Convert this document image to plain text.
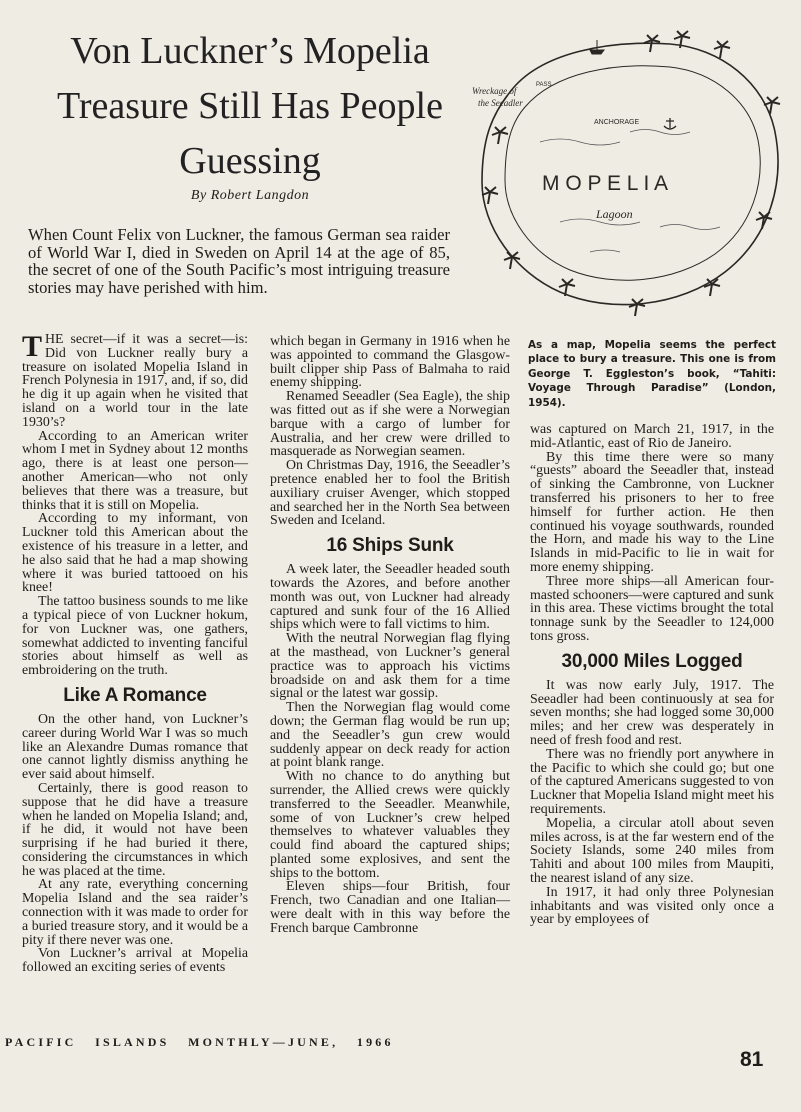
Von Luckner’s Mopelia Treasure Still Has People Guessing
By Robert Langdon

When Count Felix von Luckner, the famous German sea raider of World War I, died in Sweden on April 14 at the age of 85, the secret of one of the South Pacific’s most intriguing treasure stories may have perished with him.

ANCHORAGE
M O P E L I A
Lagoon
PASS
Wreckage of
the Seeadler

As a map, Mopelia seems the perfect place to bury a treasure. This one is from George T. Eggleston’s book, “Tahiti: Voyage Through Paradise” (London, 1954).

THE secret—if it was a secret—is: Did von Luckner really bury a treasure on isolated Mopelia Island in French Polynesia in 1917, and, if so, did he dig it up again when he visited that island on a world tour in the late 1930’s?

According to an American writer whom I met in Sydney about 12 months ago, there is at least one person—another American—who not only believes that there was a treasure, but thinks that it is still on Mopelia.

According to my informant, von Luckner told this American about the existence of his treasure in a letter, and he also said that he had a map showing where it was buried tattooed on his knee!

The tattoo business sounds to me like a typical piece of von Luckner hokum, for von Luckner was, one gathers, somewhat addicted to inventing fanciful stories about himself as well as embroidering on the truth.

Like A Romance

On the other hand, von Luckner’s career during World War I was so much like an Alexandre Dumas romance that one cannot lightly dismiss anything he ever said about himself.

Certainly, there is good reason to suppose that he did have a treasure when he landed on Mopelia Island; and, if he did, it would not have been surprising if he had buried it there, considering the circumstances in which he was placed at the time.

At any rate, everything concerning Mopelia Island and the sea raider’s connection with it was made to order for a buried treasure story, and it would be a pity if there never was one.

Von Luckner’s arrival at Mopelia followed an exciting series of events

which began in Germany in 1916 when he was appointed to command the Glasgow-built clipper ship Pass of Balmaha to raid enemy shipping.

Renamed Seeadler (Sea Eagle), the ship was fitted out as if she were a Norwegian barque with a cargo of lumber for Australia, and her crew were drilled to masquerade as Norwegian seamen.

On Christmas Day, 1916, the Seeadler’s pretence enabled her to fool the British auxiliary cruiser Avenger, which stopped and searched her in the North Sea between Sweden and Iceland.

16 Ships Sunk

A week later, the Seeadler headed south towards the Azores, and before another month was out, von Luckner had already captured and sunk four of the 16 Allied ships which were to fall victims to him.

With the neutral Norwegian flag flying at the masthead, von Luckner’s general practice was to approach his victims broadside on and ask them for a time signal or the latest war gossip.

Then the Norwegian flag would come down; the German flag would be run up; and the Seeadler’s gun crew would suddenly appear on deck ready for action at point blank range.

With no chance to do anything but surrender, the Allied crews were quickly transferred to the Seeadler. Meanwhile, some of von Luckner’s crew helped themselves to whatever valuables they could find aboard the captured ships; planted some explosives, and sent the ships to the bottom.

Eleven ships—four British, four French, two Canadian and one Italian—were dealt with in this way before the French barque Cambronne

was captured on March 21, 1917, in the mid-Atlantic, east of Rio de Janeiro.

By this time there were so many “guests” aboard the Seeadler that, instead of sinking the Cambronne, von Luckner transferred his prisoners to her to free himself for further action. He then continued his voyage southwards, rounded the Horn, and made his way to the Line Islands in mid-Pacific to lie in wait for more enemy shipping.

Three more ships—all American four-masted schooners—were captured and sunk in this area. These victims brought the total tonnage sunk by the Seeadler to 124,000 tons gross.

30,000 Miles Logged

It was now early July, 1917. The Seeadler had been continuously at sea for seven months; she had logged some 30,000 miles; and her crew was desperately in need of fresh food and rest.

There was no friendly port anywhere in the Pacific to which she could go; but one of the captured Americans suggested to von Luckner that Mopelia Island might meet his requirements.

Mopelia, a circular atoll about seven miles across, is at the far western end of the Society Islands, some 240 miles from Tahiti and about 100 miles from Maupiti, the nearest island of any size.

In 1917, it had only three Polynesian inhabitants and was visited only once a year by employees of

PACIFIC   ISLANDS   MONTHLY—JUNE,   1966
81
